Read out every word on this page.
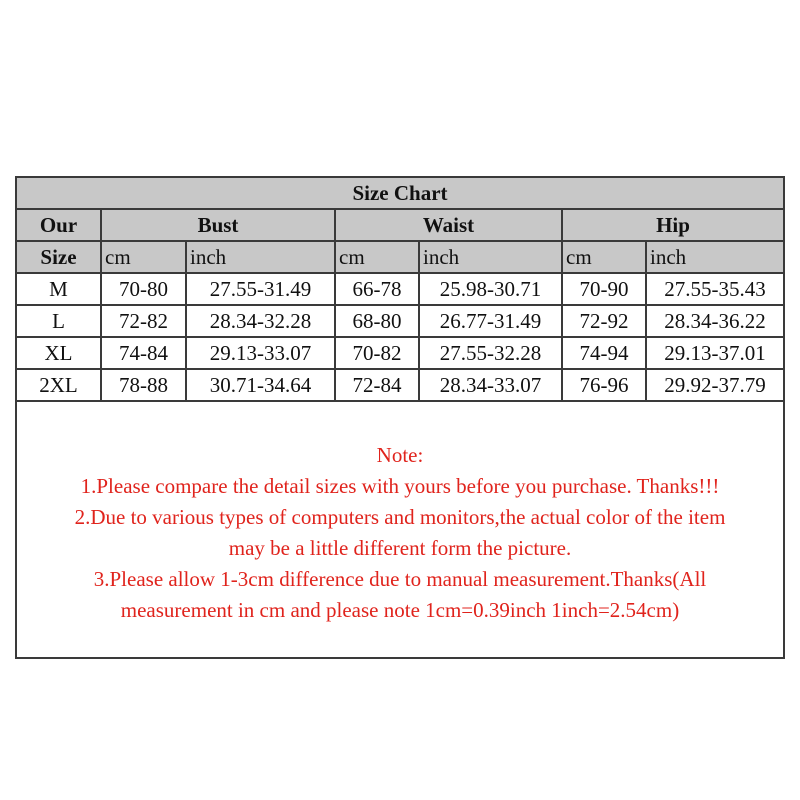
Size Chart						
Our	Bust		Waist		Hip	
Size	cm	inch	cm	inch	cm	inch
M	70-80	27.55-31.49	66-78	25.98-30.71	70-90	27.55-35.43
L	72-82	28.34-32.28	68-80	26.77-31.49	72-92	28.34-36.22
XL	74-84	29.13-33.07	70-82	27.55-32.28	74-94	29.13-37.01
2XL	78-88	30.71-34.64	72-84	28.34-33.07	76-96	29.92-37.79
Note:
1.Please compare the detail sizes with yours before you purchase. Thanks!!!
2.Due to various types of computers and monitors,the actual color of the item
may be a little different form the picture.
3.Please allow 1-3cm difference due to manual measurement.Thanks(All
measurement in cm and please note 1cm=0.39inch 1inch=2.54cm)
